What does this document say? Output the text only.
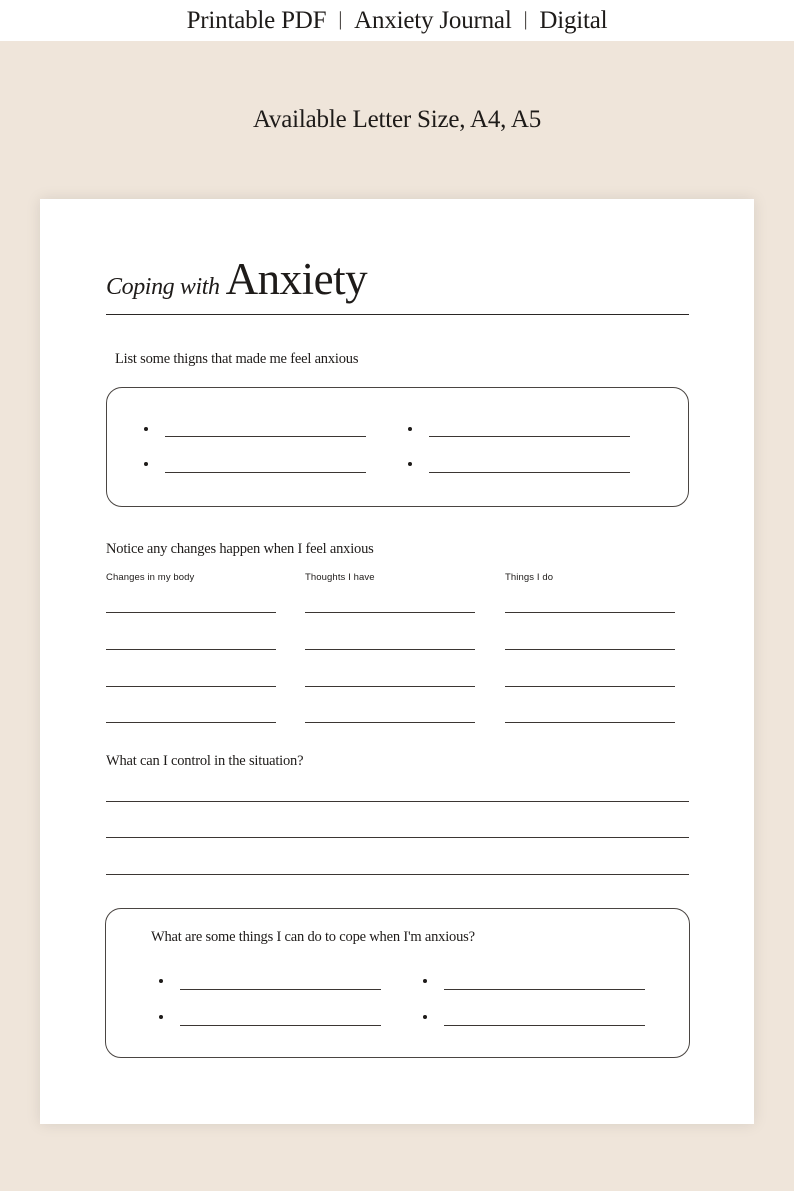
Printable PDF | Anxiety Journal | Digital
Available Letter Size, A4, A5
Coping with Anxiety
List some thigns that made me feel anxious
Notice any changes happen when I feel anxious
Changes in my body	Thoughts I have	Things I do
What can I control in the situation?
What are some things I can do to cope when I'm anxious?
